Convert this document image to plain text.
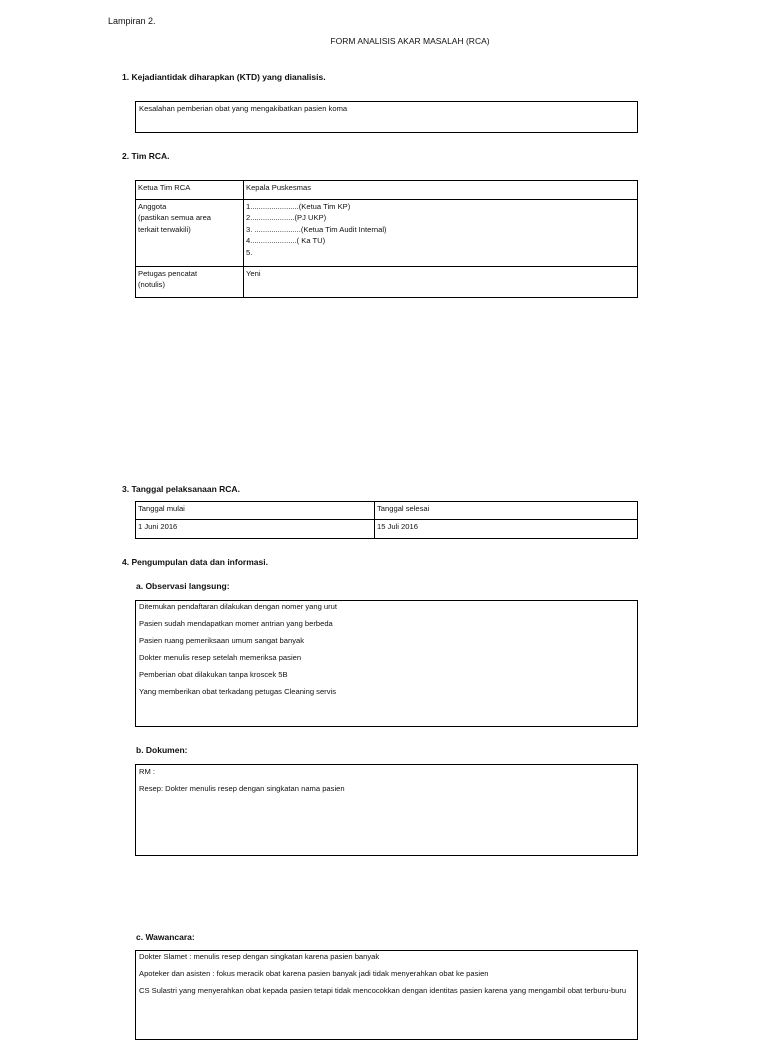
Lampiran 2.
FORM ANALISIS AKAR MASALAH (RCA)
1. Kejadiantidak diharapkan (KTD) yang dianalisis.
Kesalahan pemberian obat yang mengakibatkan pasien koma
2. Tim RCA.
Ketua Tim RCA	Kepala Puskesmas

Anggota
(pastikan semua area
terkait terwakili)	1.......................(Ketua Tim KP)
2.....................(PJ UKP)
3. ......................(Ketua Tim Audit Internal)
4......................( Ka TU)
5.

Petugas pencatat
(notulis)	Yeni
3. Tanggal pelaksanaan RCA.
Tanggal mulai	Tanggal selesai
1 Juni 2016	15 Juli 2016
4. Pengumpulan data dan informasi.
a. Observasi langsung:
Ditemukan pendaftaran dilakukan dengan nomer yang urut
Pasien sudah mendapatkan momer antrian yang berbeda
Pasien ruang pemeriksaan umum sangat banyak
Dokter menulis resep setelah memeriksa pasien
Pemberian obat dilakukan tanpa kroscek 5B
Yang memberikan obat terkadang petugas Cleaning servis
b. Dokumen:
RM :
Resep: Dokter menulis resep dengan singkatan nama pasien
c. Wawancara:
Dokter Slamet : menulis resep dengan singkatan karena pasien banyak
Apoteker dan asisten : fokus meracik obat karena pasien banyak jadi tidak menyerahkan obat ke pasien
CS Sulastri yang menyerahkan obat kepada pasien tetapi tidak mencocokkan dengan identitas pasien karena yang mengambil obat terburu-buru
